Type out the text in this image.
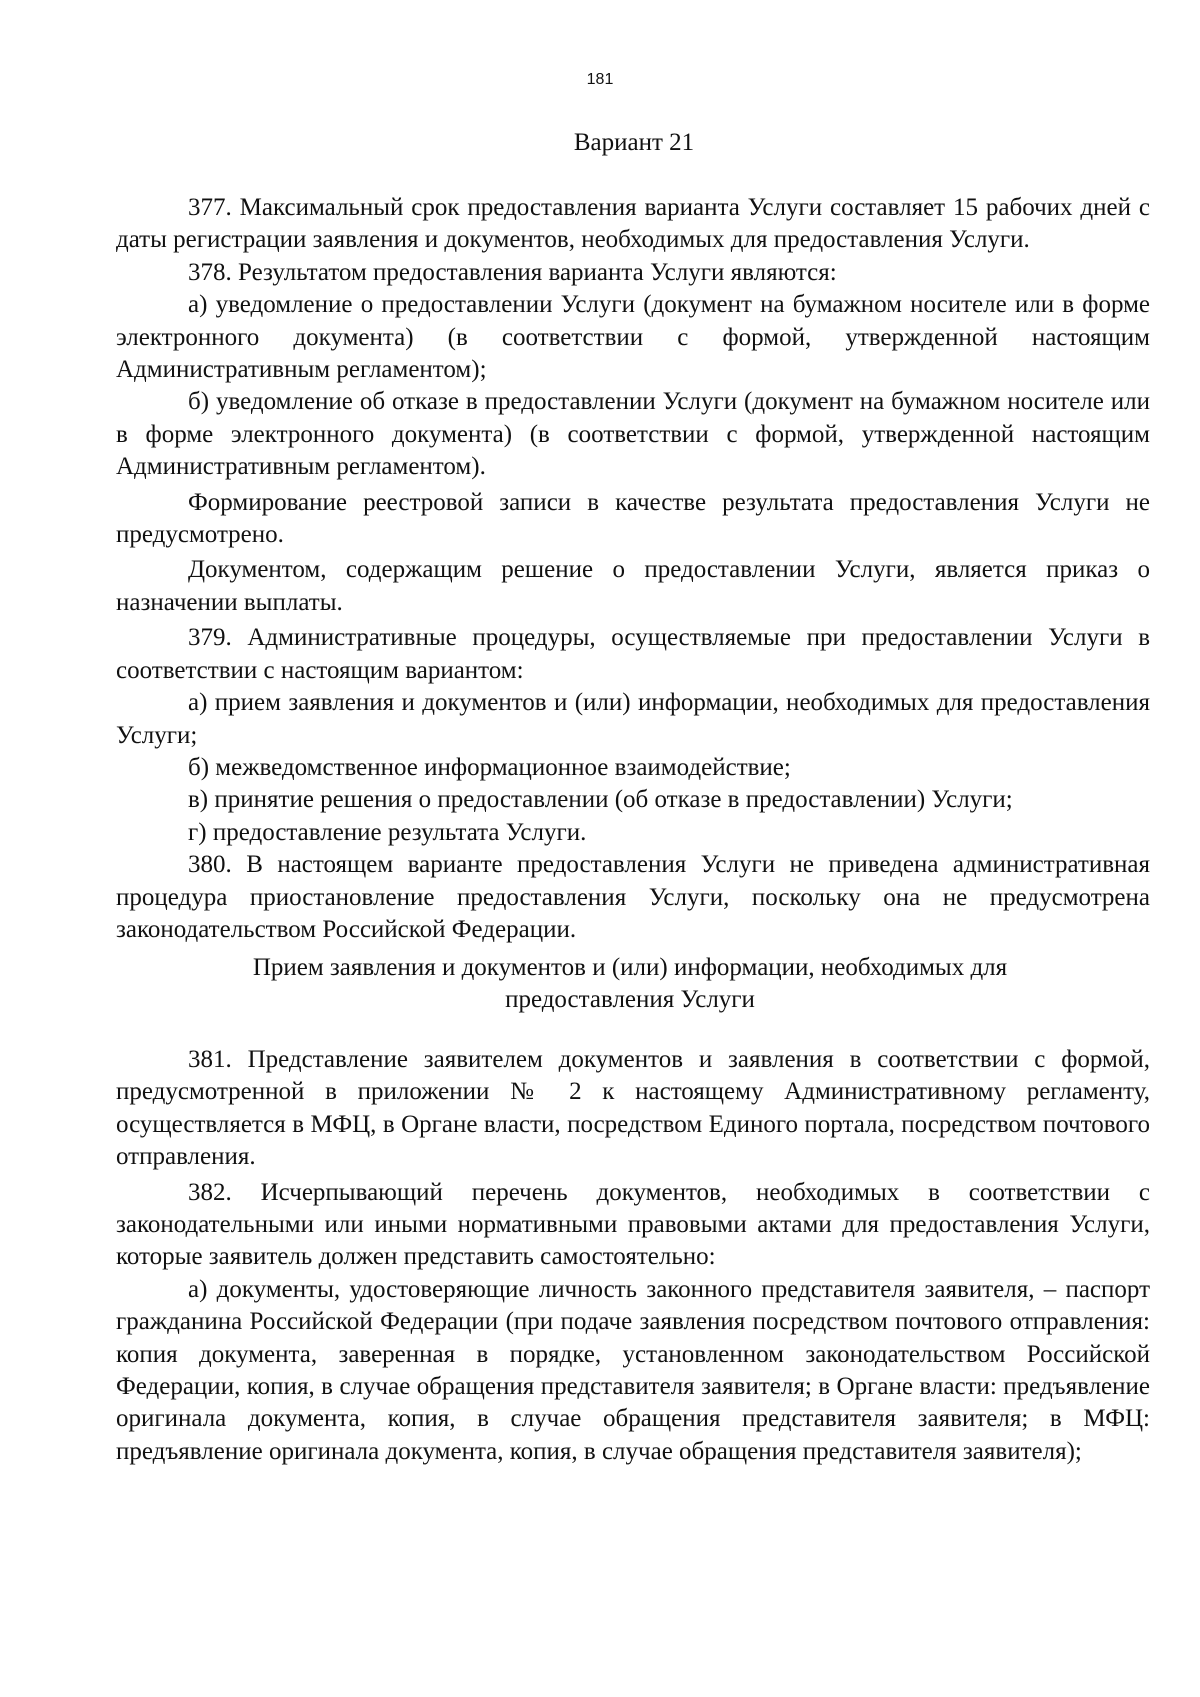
181
Вариант 21

377. Максимальный срок предоставления варианта Услуги составляет 15 рабочих дней с даты регистрации заявления и документов, необходимых для предоставления Услуги.

378. Результатом предоставления варианта Услуги являются:

а) уведомление о предоставлении Услуги (документ на бумажном носителе или в форме электронного документа) (в соответствии с формой, утвержденной настоящим Административным регламентом);

б) уведомление об отказе в предоставлении Услуги (документ на бумажном носителе или в форме электронного документа) (в соответствии с формой, утвержденной настоящим Административным регламентом).

Формирование реестровой записи в качестве результата предоставления Услуги не предусмотрено.

Документом, содержащим решение о предоставлении Услуги, является приказ о назначении выплаты.

379. Административные процедуры, осуществляемые при предоставлении Услуги в соответствии с настоящим вариантом:

а) прием заявления и документов и (или) информации, необходимых для предоставления Услуги;

б) межведомственное информационное взаимодействие;

в) принятие решения о предоставлении (об отказе в предоставлении) Услуги;

г) предоставление результата Услуги.

380. В настоящем варианте предоставления Услуги не приведена административная процедура приостановление предоставления Услуги, поскольку она не предусмотрена законодательством Российской Федерации.

Прием заявления и документов и (или) информации, необходимых для предоставления Услуги

381. Представление заявителем документов и заявления в соответствии с формой, предусмотренной в приложении № 2 к настоящему Административному регламенту, осуществляется в МФЦ, в Органе власти, посредством Единого портала, посредством почтового отправления.

382. Исчерпывающий перечень документов, необходимых в соответствии с законодательными или иными нормативными правовыми актами для предоставления Услуги, которые заявитель должен представить самостоятельно:

а) документы, удостоверяющие личность законного представителя заявителя, – паспорт гражданина Российской Федерации (при подаче заявления посредством почтового отправления: копия документа, заверенная в порядке, установленном законодательством Российской Федерации, копия, в случае обращения представителя заявителя; в Органе власти: предъявление оригинала документа, копия, в случае обращения представителя заявителя; в МФЦ: предъявление оригинала документа, копия, в случае обращения представителя заявителя);
